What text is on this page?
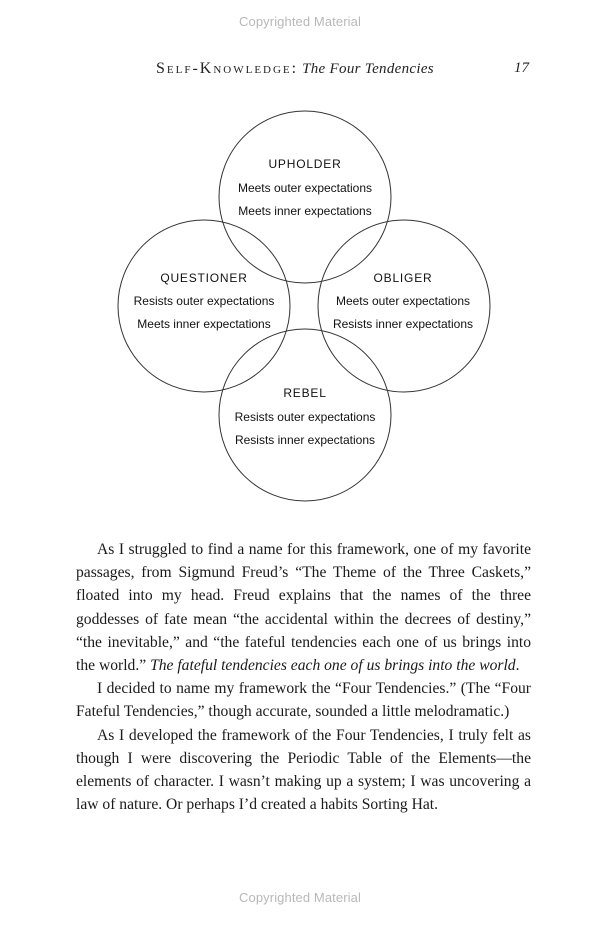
Copyrighted Material
Self-Knowledge: The Four Tendencies	17
UPHOLDER
Meets outer expectations
Meets inner expectations
QUESTIONER
Resists outer expectations
Meets inner expectations
OBLIGER
Meets outer expectations
Resists inner expectations
REBEL
Resists outer expectations
Resists inner expectations

As I struggled to find a name for this framework, one of my favorite passages, from Sigmund Freud’s “The Theme of the Three Caskets,” floated into my head. Freud explains that the names of the three goddesses of fate mean “the accidental within the decrees of destiny,” “the inevitable,” and “the fateful tendencies each one of us brings into the world.” The fateful tendencies each one of us brings into the world.

I decided to name my framework the “Four Tendencies.” (The “Four Fateful Tendencies,” though accurate, sounded a little melodramatic.)

As I developed the framework of the Four Tendencies, I truly felt as though I were discovering the Periodic Table of the Elements—the elements of character. I wasn’t making up a system; I was uncovering a law of nature. Or perhaps I’d created a habits Sorting Hat.

Copyrighted Material
